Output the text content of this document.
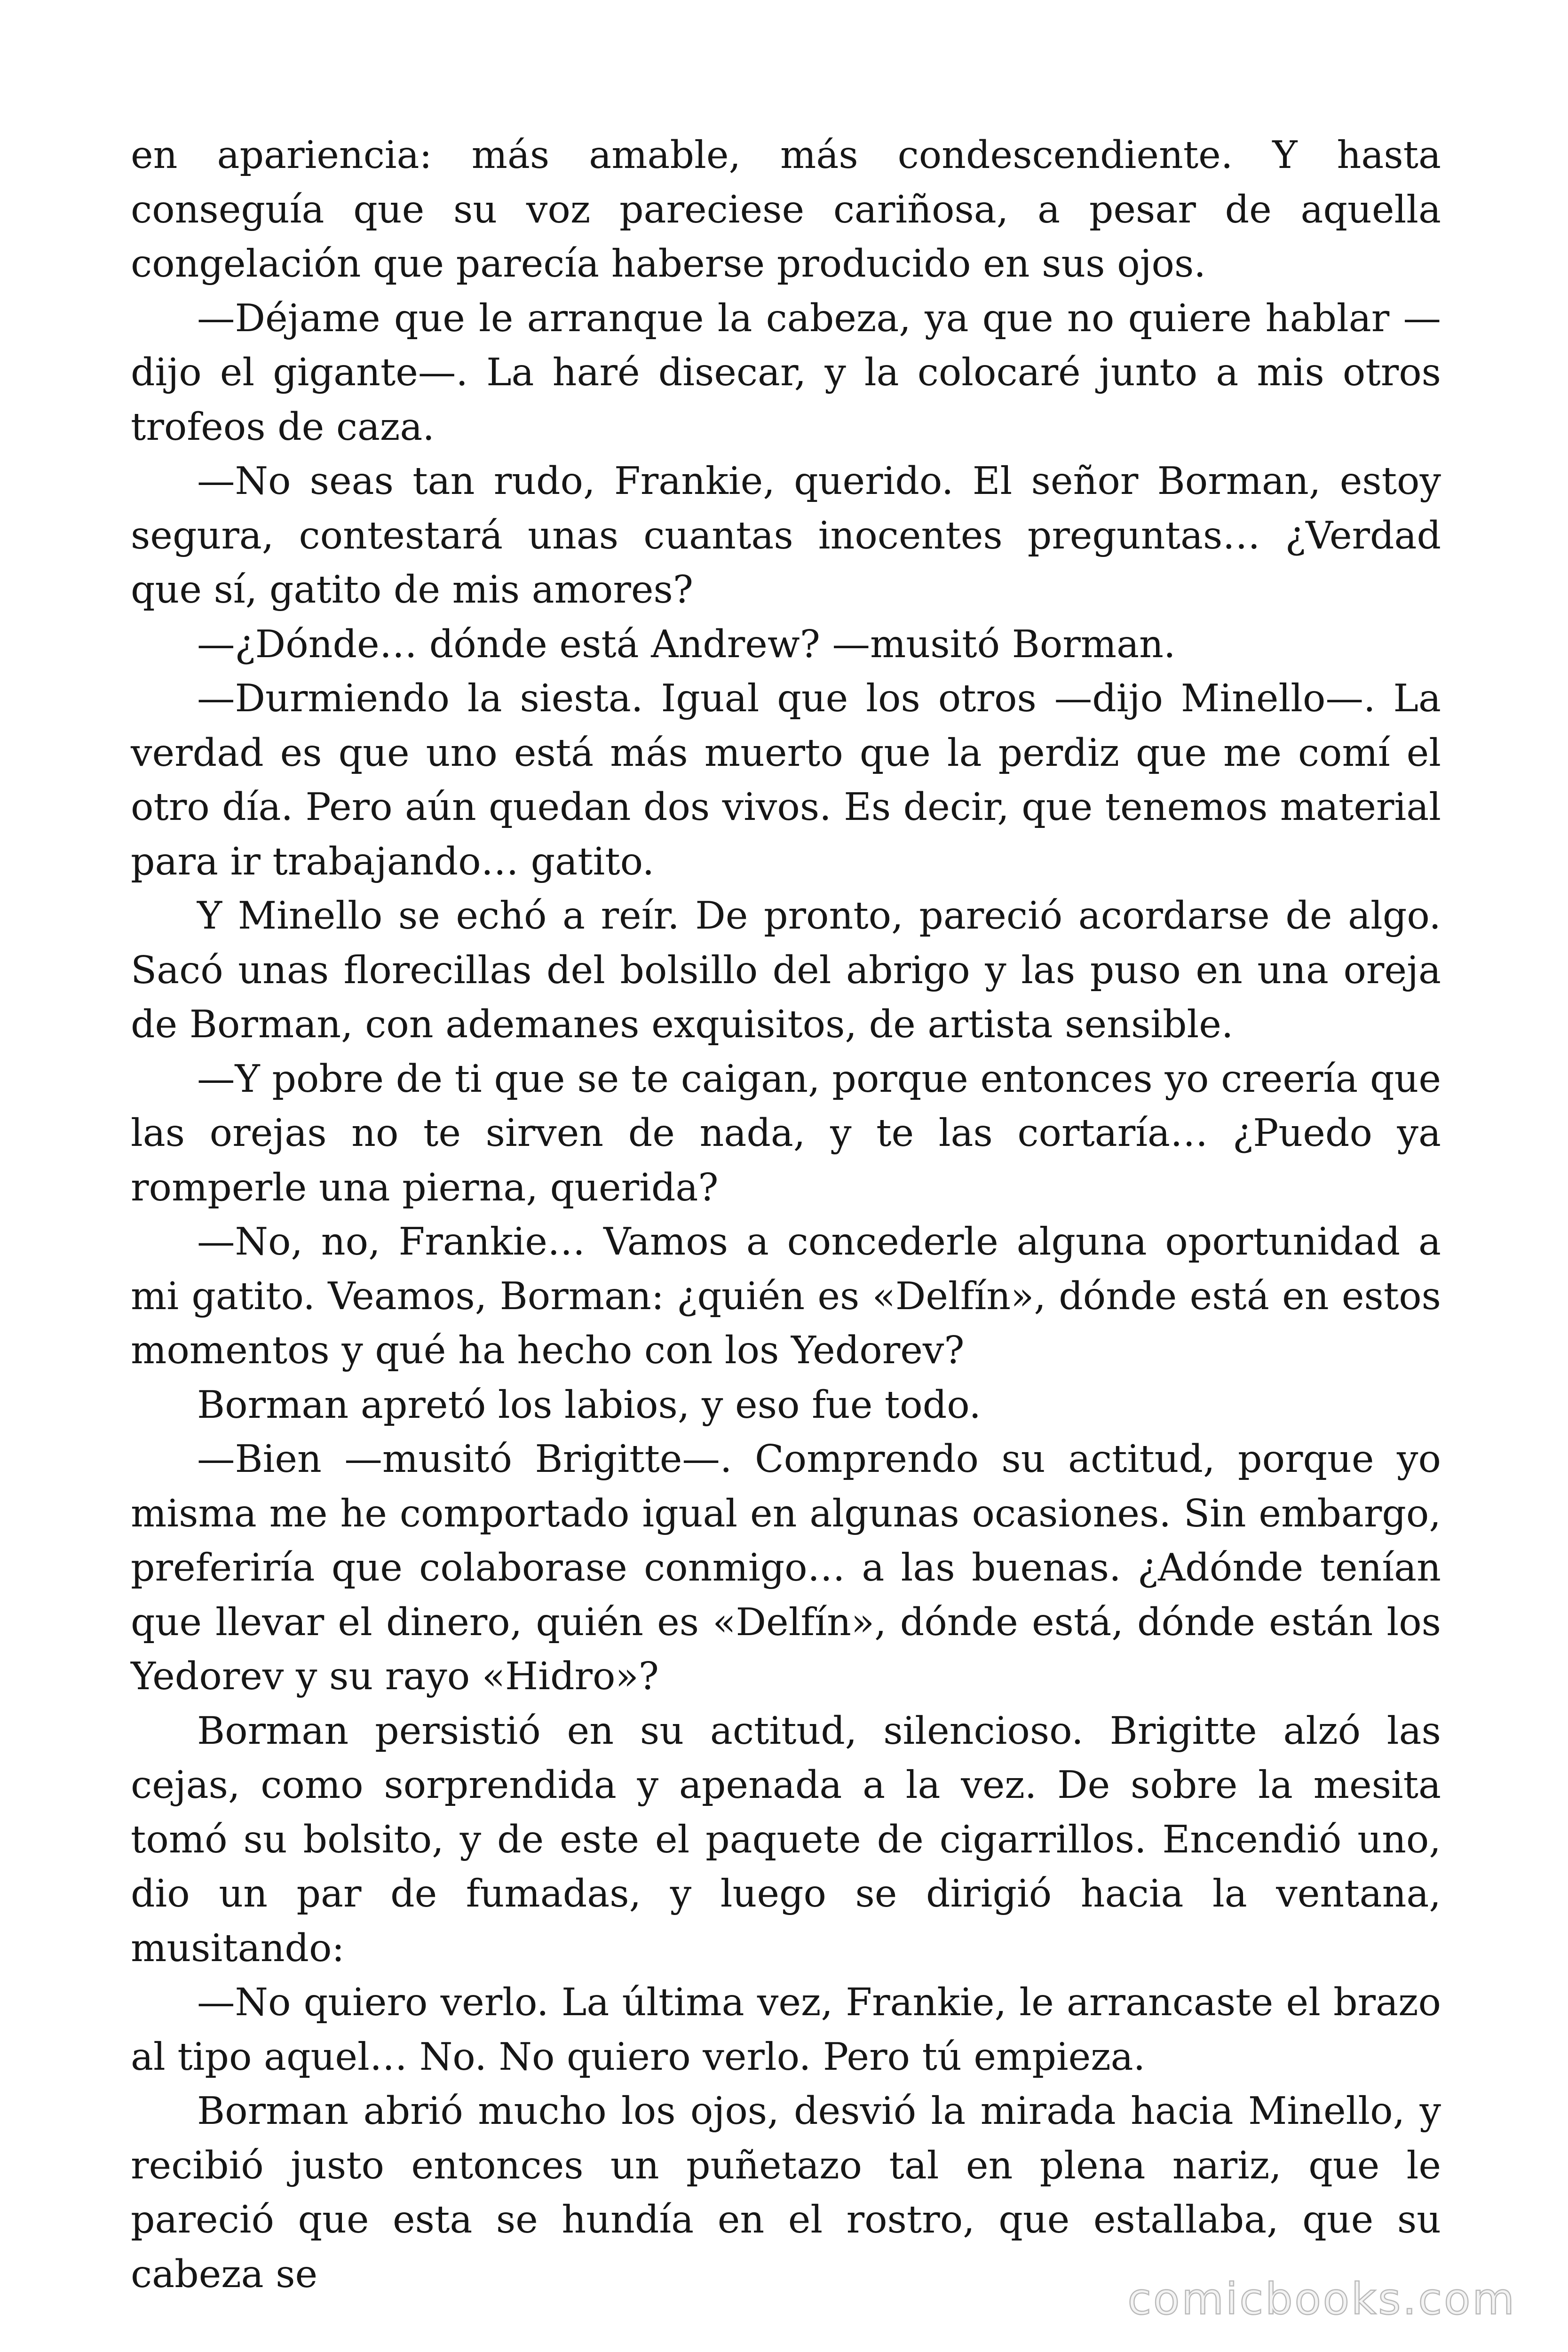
en apariencia: más amable, más condescendiente. Y hasta conseguía que su voz pareciese cariñosa, a pesar de aquella congelación que parecía haberse producido en sus ojos.

—Déjame que le arranque la cabeza, ya que no quiere hablar — dijo el gigante—. La haré disecar, y la colocaré junto a mis otros trofeos de caza.

—No seas tan rudo, Frankie, querido. El señor Borman, estoy segura, contestará unas cuantas inocentes preguntas… ¿Verdad que sí, gatito de mis amores?

—¿Dónde… dónde está Andrew? —musitó Borman.

—Durmiendo la siesta. Igual que los otros —dijo Minello—. La verdad es que uno está más muerto que la perdiz que me comí el otro día. Pero aún quedan dos vivos. Es decir, que tenemos material para ir trabajando… gatito.

Y Minello se echó a reír. De pronto, pareció acordarse de algo. Sacó unas florecillas del bolsillo del abrigo y las puso en una oreja de Borman, con ademanes exquisitos, de artista sensible.

—Y pobre de ti que se te caigan, porque entonces yo creería que las orejas no te sirven de nada, y te las cortaría… ¿Puedo ya romperle una pierna, querida?

—No, no, Frankie… Vamos a concederle alguna oportunidad a mi gatito. Veamos, Borman: ¿quién es «Delfín», dónde está en estos momentos y qué ha hecho con los Yedorev?

Borman apretó los labios, y eso fue todo.

—Bien —musitó Brigitte—. Comprendo su actitud, porque yo misma me he comportado igual en algunas ocasiones. Sin embargo, preferiría que colaborase conmigo… a las buenas. ¿Adónde tenían que llevar el dinero, quién es «Delfín», dónde está, dónde están los Yedorev y su rayo «Hidro»?

Borman persistió en su actitud, silencioso. Brigitte alzó las cejas, como sorprendida y apenada a la vez. De sobre la mesita tomó su bolsito, y de este el paquete de cigarrillos. Encendió uno, dio un par de fumadas, y luego se dirigió hacia la ventana, musitando:

—No quiero verlo. La última vez, Frankie, le arrancaste el brazo al tipo aquel… No. No quiero verlo. Pero tú empieza.

Borman abrió mucho los ojos, desvió la mirada hacia Minello, y recibió justo entonces un puñetazo tal en plena nariz, que le pareció que esta se hundía en el rostro, que estallaba, que su cabeza se

comicbooks.com
